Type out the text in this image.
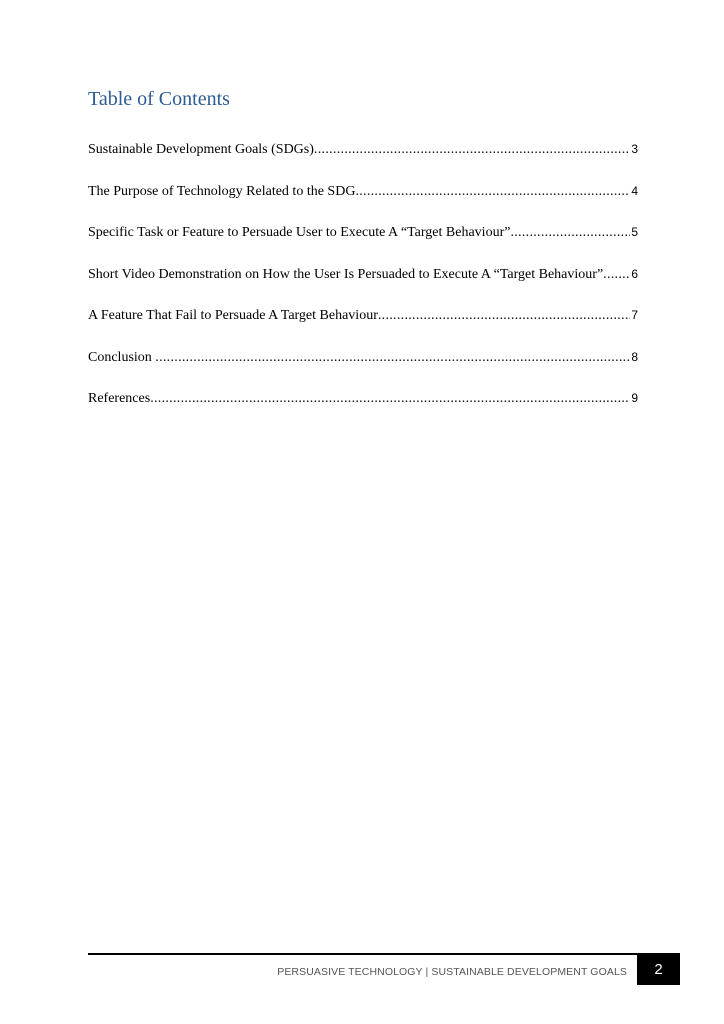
Table of Contents
Sustainable Development Goals (SDGs) .....	3
The Purpose of Technology Related to the SDG .....	4
Specific Task or Feature to Persuade User to Execute A “Target Behaviour” .....	5
Short Video Demonstration on How the User Is Persuaded to Execute A “Target Behaviour” ..... 6
A Feature That Fail to Persuade A Target Behaviour .....	7
Conclusion .....	8
References .....	9
PERSUASIVE TECHNOLOGY | SUSTAINABLE DEVELOPMENT GOALS	2
